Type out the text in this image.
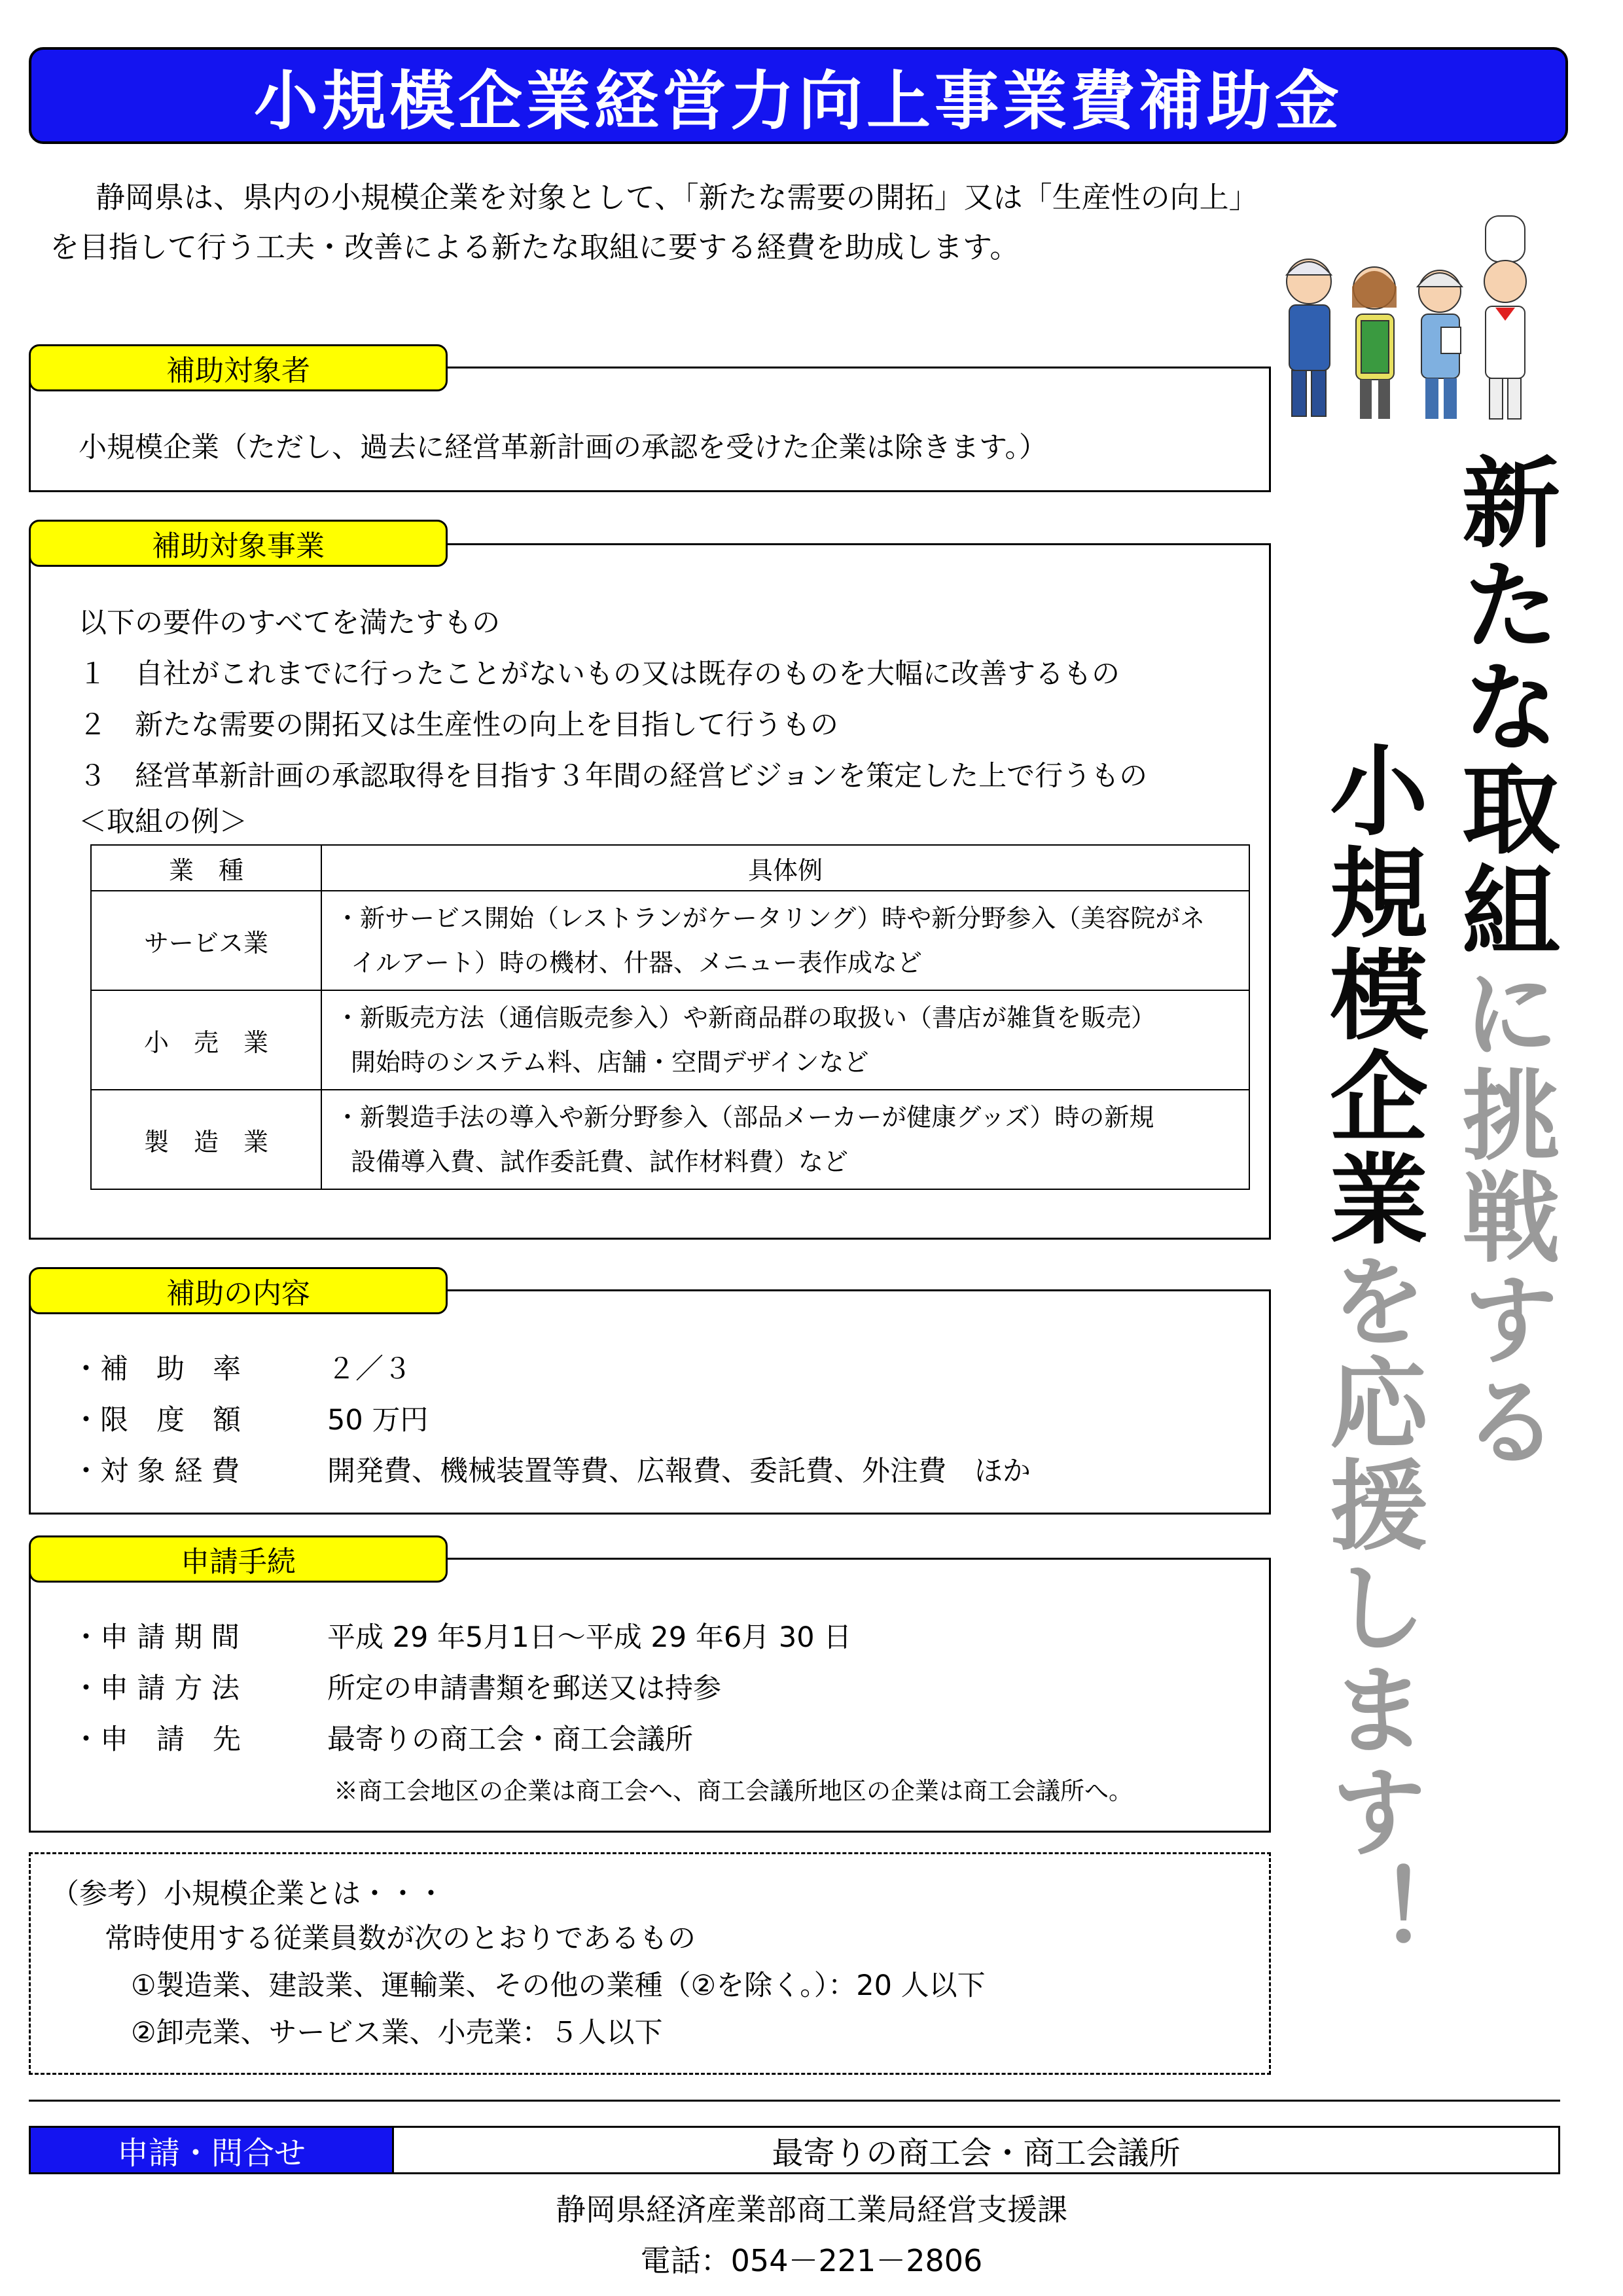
小規模企業経営力向上事業費補助金
静岡県は、県内の小規模企業を対象として、「新たな需要の開拓」又は「生産性の向上」を目指して行う工夫・改善による新たな取組に要する経費を助成します。
補助対象者
小規模企業（ただし、過去に経営革新計画の承認を受けた企業は除きます。）
補助対象事業
以下の要件のすべてを満たすもの
１　自社がこれまでに行ったことがないもの又は既存のものを大幅に改善するもの
２　新たな需要の開拓又は生産性の向上を目指して行うもの
３　経営革新計画の承認取得を目指す３年間の経営ビジョンを策定した上で行うもの
＜取組の例＞
業　種	具体例
サービス業	・新サービス開始（レストランがケータリング）時や新分野参入（美容院がネ
イルアート）時の機材、什器、メニュー表作成など

小　売　業	・新販売方法（通信販売参入）や新商品群の取扱い（書店が雑貨を販売）
開始時のシステム料、店舗・空間デザインなど

製　造　業	・新製造手法の導入や新分野参入（部品メーカーが健康グッズ）時の新規
設備導入費、試作委託費、試作材料費）など
補助の内容
・補　助　率	２／３
・限　度　額	50 万円
・対 象 経 費	開発費、機械装置等費、広報費、委託費、外注費　ほか
申請手続
・申 請 期 間	平成 29 年5月1日～平成 29 年6月 30 日
・申 請 方 法	所定の申請書類を郵送又は持参
・申　請　先	最寄りの商工会・商工会議所
※商工会地区の企業は商工会へ、商工会議所地区の企業は商工会議所へ。
（参考）小規模企業とは・・・
常時使用する従業員数が次のとおりであるもの
①製造業、建設業、運輸業、その他の業種（②を除く。）：20 人以下
②卸売業、サービス業、小売業：５人以下
新たな取組に挑戦する
小規模企業を応援します！
申請・問合せ	最寄りの商工会・商工会議所
静岡県経済産業部商工業局経営支援課
電話：054－221－2806
